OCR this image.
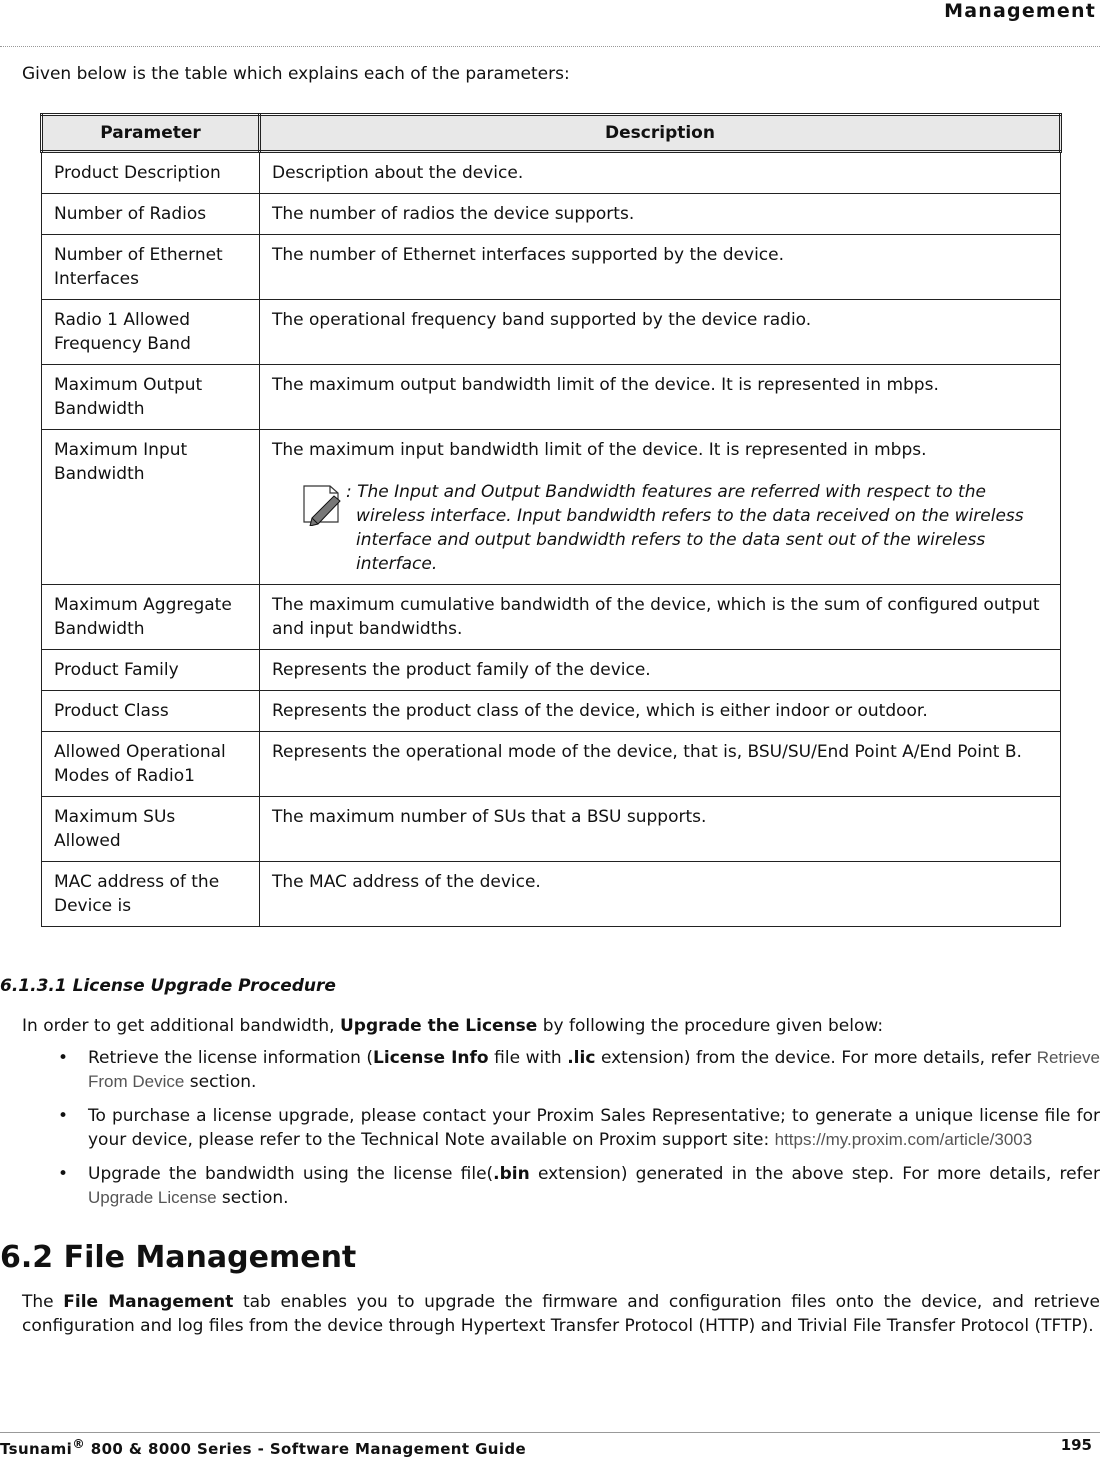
Management
Given below is the table which explains each of the parameters:
Parameter	Description
Product Description	Description about the device.
Number of Radios	The number of radios the device supports.
Number of Ethernet Interfaces	The number of Ethernet interfaces supported by the device.
Radio 1 Allowed Frequency Band	The operational frequency band supported by the device radio.
Maximum Output Bandwidth	The maximum output bandwidth limit of the device. It is represented in mbps.
Maximum Input Bandwidth	The maximum input bandwidth limit of the device. It is represented in mbps.
: The Input and Output Bandwidth features are referred with respect to the wireless interface. Input bandwidth refers to the data received on the wireless interface and output bandwidth refers to the data sent out of the wireless interface.

Maximum Aggregate Bandwidth	The maximum cumulative bandwidth of the device, which is the sum of configured output and input bandwidths.
Product Family	Represents the product family of the device.
Product Class	Represents the product class of the device, which is either indoor or outdoor.
Allowed Operational Modes of Radio1	Represents the operational mode of the device, that is, BSU/SU/End Point A/End Point B.
Maximum SUs Allowed	The maximum number of SUs that a BSU supports.
MAC address of the Device is	The MAC address of the device.
6.1.3.1 License Upgrade Procedure
In order to get additional bandwidth, Upgrade the License by following the procedure given below:
• Retrieve the license information (License Info file with .lic extension) from the device. For more details, refer Retrieve From Device section.
• To purchase a license upgrade, please contact your Proxim Sales Representative; to generate a unique license file for your device, please refer to the Technical Note available on Proxim support site: https://my.proxim.com/article/3003
• Upgrade the bandwidth using the license file(.bin extension) generated in the above step. For more details, refer Upgrade License section.
6.2 File Management
The File Management tab enables you to upgrade the firmware and configuration files onto the device, and retrieve configuration and log files from the device through Hypertext Transfer Protocol (HTTP) and Trivial File Transfer Protocol (TFTP).
Tsunami® 800 & 8000 Series - Software Management Guide	195
